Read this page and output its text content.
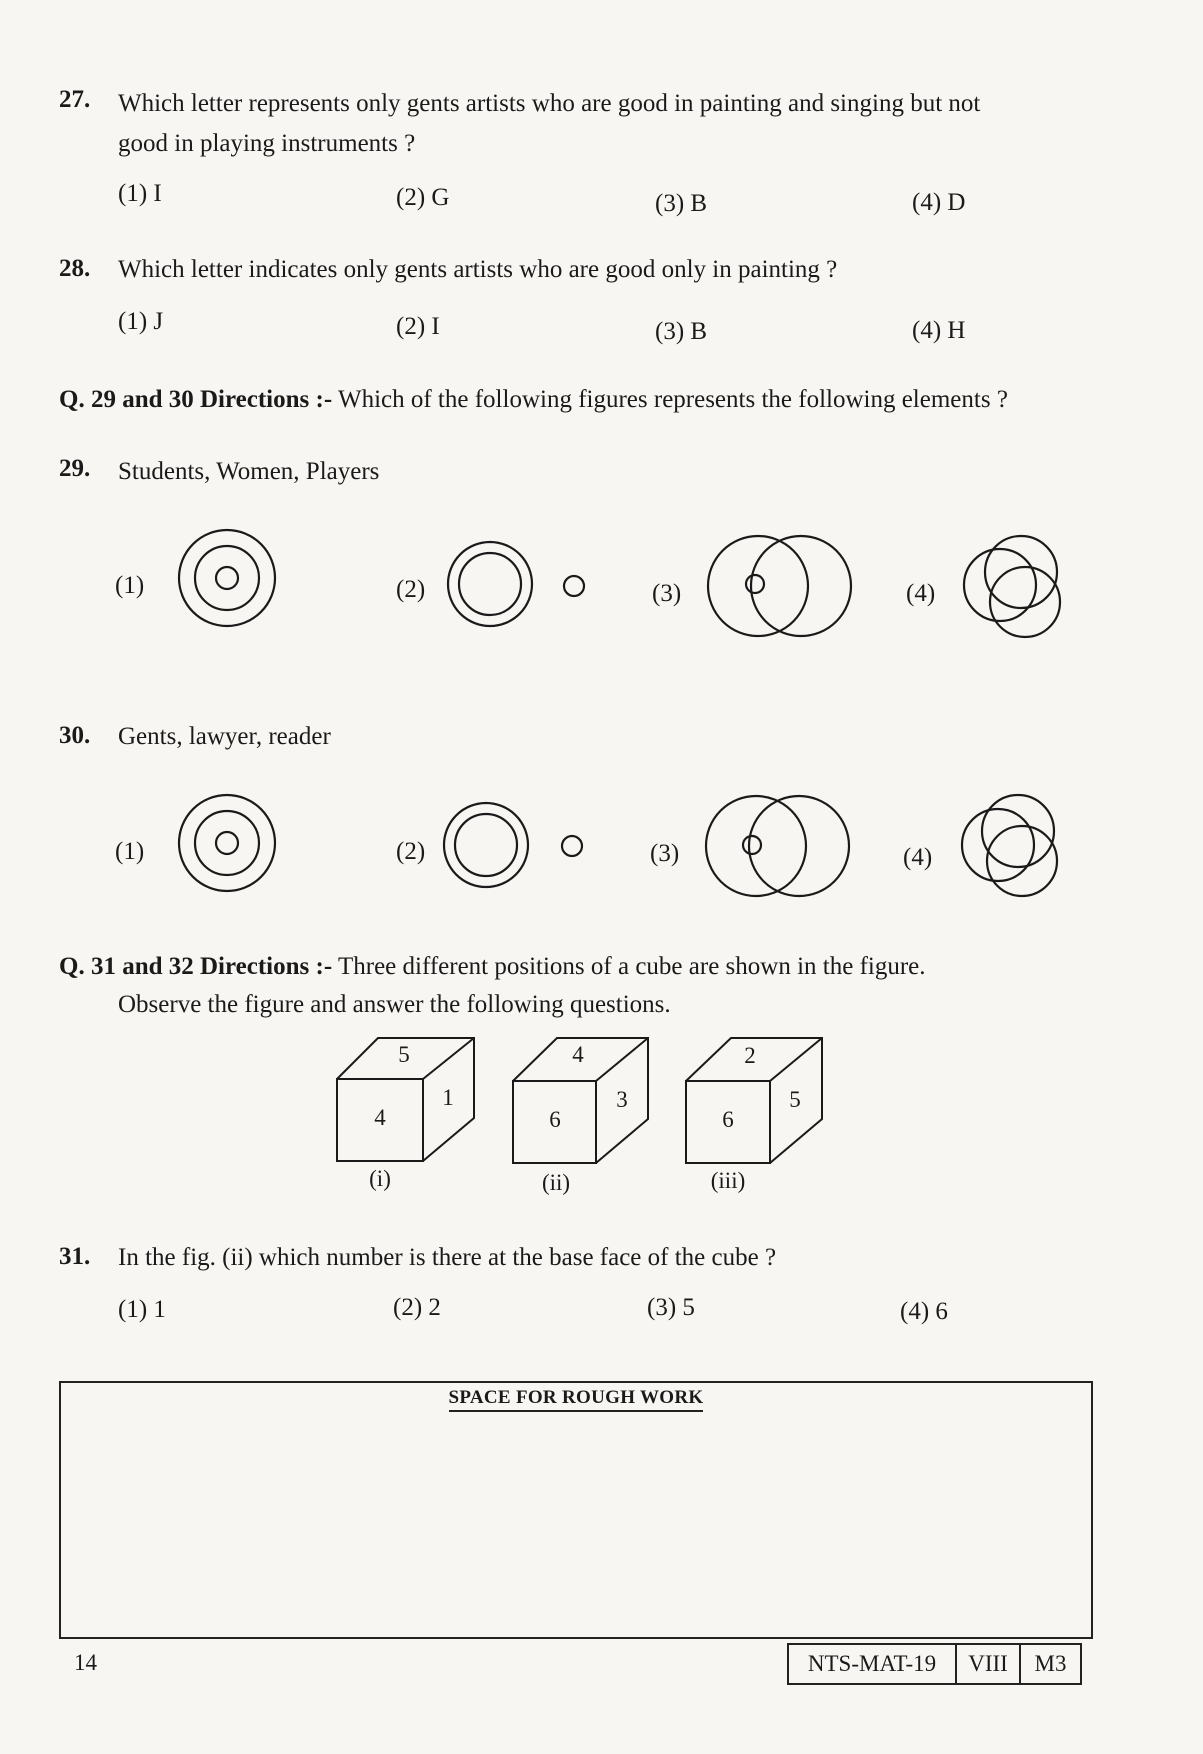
27. Which letter represents only gents artists who are good in painting and singing but not
good in playing instruments ?
(1) I	(2) G	(3) B	(4) D
28. Which letter indicates only gents artists who are good only in painting ?
(1) J	(2) I	(3) B	(4) H
Q. 29 and 30 Directions :- Which of the following figures represents the following elements ?
29. Students, Women, Players
(1)	(2)	(3)	(4)
5
4
1
(i)
4
6
3
(ii)
2
6
5
(iii)
30. Gents, lawyer, reader
(1)	(2)	(3)	(4)
Q. 31 and 32 Directions :- Three different positions of a cube are shown in the figure.
Observe the figure and answer the following questions.
31. In the fig. (ii) which number is there at the base face of the cube ?
(1) 1	(2) 2	(3) 5	(4) 6
SPACE FOR ROUGH WORK
14	NTS-MAT-19	VIII	M3
